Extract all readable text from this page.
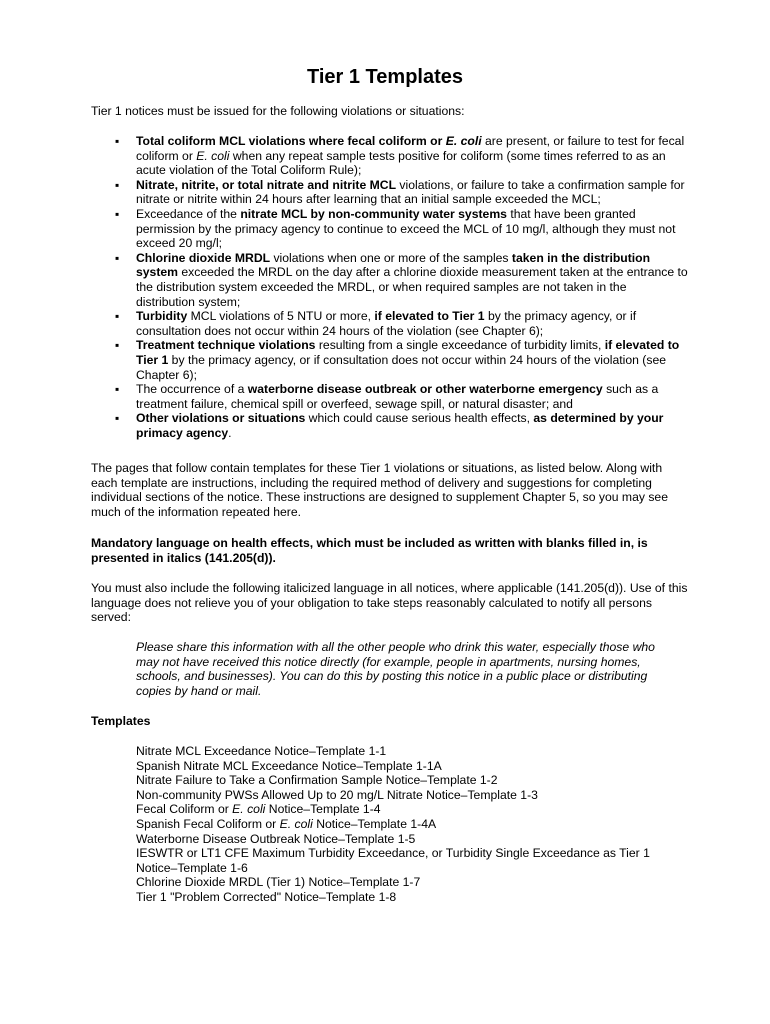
Tier 1 Templates

Tier 1 notices must be issued for the following violations or situations:

▪ Total coliform MCL violations where fecal coliform or E. coli are present, or failure to test for fecal coliform or E. coli when any repeat sample tests positive for coliform (some times referred to as an acute violation of the Total Coliform Rule);
▪ Nitrate, nitrite, or total nitrate and nitrite MCL violations, or failure to take a confirmation sample for nitrate or nitrite within 24 hours after learning that an initial sample exceeded the MCL;
▪ Exceedance of the nitrate MCL by non-community water systems that have been granted permission by the primacy agency to continue to exceed the MCL of 10 mg/l, although they must not exceed 20 mg/l;
▪ Chlorine dioxide MRDL violations when one or more of the samples taken in the distribution system exceeded the MRDL on the day after a chlorine dioxide measurement taken at the entrance to the distribution system exceeded the MRDL, or when required samples are not taken in the distribution system;
▪ Turbidity MCL violations of 5 NTU or more, if elevated to Tier 1 by the primacy agency, or if consultation does not occur within 24 hours of the violation (see Chapter 6);
▪ Treatment technique violations resulting from a single exceedance of turbidity limits, if elevated to Tier 1 by the primacy agency, or if consultation does not occur within 24 hours of the violation (see Chapter 6);
▪ The occurrence of a waterborne disease outbreak or other waterborne emergency such as a treatment failure, chemical spill or overfeed, sewage spill, or natural disaster; and
▪ Other violations or situations which could cause serious health effects, as determined by your primacy agency.

The pages that follow contain templates for these Tier 1 violations or situations, as listed below. Along with each template are instructions, including the required method of delivery and suggestions for completing individual sections of the notice. These instructions are designed to supplement Chapter 5, so you may see much of the information repeated here.

Mandatory language on health effects, which must be included as written with blanks filled in, is presented in italics (141.205(d)).

You must also include the following italicized language in all notices, where applicable (141.205(d)). Use of this language does not relieve you of your obligation to take steps reasonably calculated to notify all persons served:

Please share this information with all the other people who drink this water, especially those who may not have received this notice directly (for example, people in apartments, nursing homes, schools, and businesses). You can do this by posting this notice in a public place or distributing copies by hand or mail.

Templates

Nitrate MCL Exceedance Notice–Template 1-1
Spanish Nitrate MCL Exceedance Notice–Template 1-1A
Nitrate Failure to Take a Confirmation Sample Notice–Template 1-2
Non-community PWSs Allowed Up to 20 mg/L Nitrate Notice–Template 1-3
Fecal Coliform or E. coli Notice–Template 1-4
Spanish Fecal Coliform or E. coli Notice–Template 1-4A
Waterborne Disease Outbreak Notice–Template 1-5
IESWTR or LT1 CFE Maximum Turbidity Exceedance, or Turbidity Single Exceedance as Tier 1 Notice–Template 1-6
Chlorine Dioxide MRDL (Tier 1) Notice–Template 1-7
Tier 1 "Problem Corrected" Notice–Template 1-8
